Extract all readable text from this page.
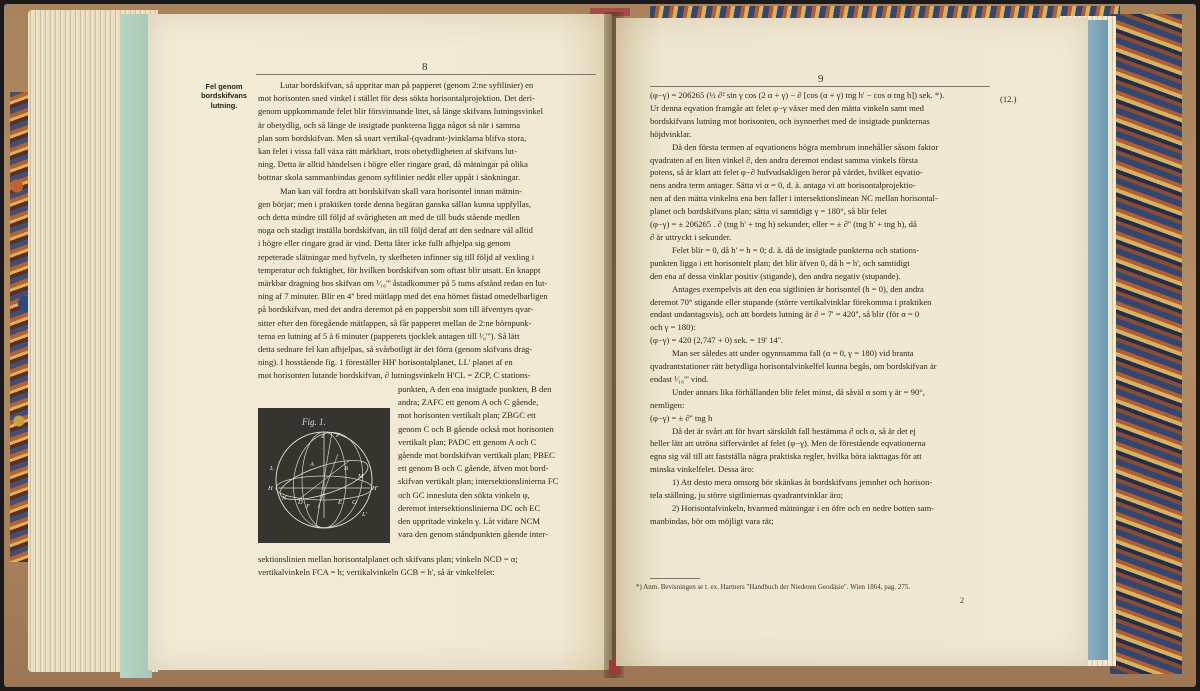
8
Fel genom
bordskifvans
lutning.
Lutar bordskifvan, så uppritar man på papperet (genom 2:ne syftlinier) en
mot horisonten sned vinkel i stället för dess sökta horisontalprojektion. Det deri-
genom uppkommande felet blir försvinnande litet, så länge skifvans lutningsvinkel
är obetydlig, och så länge de insigtade punkterna ligga något så när i samma
plan som bordskifvan. Men så snart vertikal-(qvadrant-)vinklarna blifva stora,
kan felet i vissa fall växa rätt märkbart, trots obetydligheten af skifvans lut-
ning. Detta är alltid händelsen i högre eller ringare grad, då mätningar på olika
bottnar skola sammanbindas genom syftlinier nedåt eller uppåt i sänkningar.
Man kan väl fordra att bordskifvan skall vara horisontel innan mätnin-
gen börjar; men i praktiken torde denna begäran ganska sällan kunna uppfyllas,
och detta mindre till följd af svårigheten att med de till buds stående medlen
noga och stadigt inställa bordskifvan, än till följd deraf att den sednare väl alltid
i högre eller ringare grad är vind. Detta låter icke fullt afhjelpa sig genom
repeterade slätningar med hyfveln, ty skefheten infinner sig till följd af vexling i
temperatur och fuktighet, för hvilken bordskifvan som oftast blir utsatt. En knappt
märkbar dragning hos skifvan om ¹⁄₁₆''' åstadkommer på 5 tums afstånd redan en lut-
ning af 7 minuter. Blir en 4'' bred mätlapp med det ena hörnet fästad omedelbarligen
på bordskifvan, med det andra deremot på en pappersbit som till äfventyrs qvar-
sitter efter den föregående mätlappen, så får papperet mellan de 2:ne hörnpunk-
terna en lutning af 5 à 6 minuter (papperets tjocklek antagen till ¹⁄₈'''). Så lätt
detta sednare fel kan afhjelpas, så svårbotligt är det förra (genom skifvans drag-
ning). I hosstående fig. 1 föreställer HH' horisontalplanet, LL' planet af en
mot horisonten lutande bordskifvan, ∂ lutningsvinkeln H'CL = ZCP, C stations-
Fig. 1.
Z P
L
H	H'
C
A
B
F
G
D	E
M
N
L'
punkten, A den ena insigtade punkten, B den
andra; ZAFC ett genom A och C gående,
mot horisonten vertikalt plan; ZBGC ett
genom C och B gående också mot horisonten
vertikalt plan; PADC ett genom A och C
gående mot bordskifvan vertikalt plan; PBEC
ett genom B och C gående, äfven mot bord-
skifvan vertikalt plan; intersektionslinierna FC
och GC innesluta den sökta vinkeln φ,
deremot intersektionslinierna DC och EC
den uppritade vinkeln γ. Låt vidare NCM
vara den genom ståndpunkten gående inter-
sektionslinien mellan horisontalplanet och skifvans plan; vinkeln NCD = α;
vertikalvinkeln FCA = h; vertikalvinkeln GCB = h', så är vinkelfelet:
9
(12.)
(φ−γ) = 206265 (½ ∂² sin γ cos (2 α + γ) − ∂ [cos (α + γ) tng h' − cos α tng h]) sek. *).
Ur denna eqvation framgår att felet φ−γ växer med den mätta vinkeln samt med
bordskifvans lutning mot horisonten, och isynnerhet med de insigtade punkternas
höjdvinklar.
Då den första termen af eqvationens högra membrum innehåller såsom faktor
qvadraten af en liten vinkel ∂, den andra deremot endast samma vinkels första
potens, så är klart att felet φ−∂ hufvudsakligen beror på värdet, hvilket eqvatio-
nens andra term antager. Sätta vi α = 0, d. ä. antaga vi att horisontalprojektio-
nen af den mätta vinkelns ena ben faller i intersektionslinean NC mellan horisontal-
planet och bordskifvans plan; sätta vi samtidigt γ = 180°, så blir felet
(φ−γ) = ± 206265 . ∂ (tng h' + tng h) sekunder, eller = ± ∂'' (tng h' + tng h), då
∂ är uttryckt i sekunder.
Felet blir = 0, då h' = h = 0; d. ä. då de insigtade punkterna och stations-
punkten ligga i ett horisontelt plan; det blir äfven 0, då h = h', och samtidigt
den ena af dessa vinklar positiv (stigande), den andra negativ (stupande).
Antages exempelvis att den ena sigtlinien är horisontel (h = 0), den andra
deremot 70° stigande eller stupande (större vertikalvinklar förekomma i praktiken
endast undantagsvis), och att bordets lutning är ∂ = 7' = 420'', så blir (för α = 0
och γ = 180):
(φ−γ) = 420 (2,747 + 0) sek. = 19' 14''.
Man ser således att under ogynnsamma fall (α = 0, γ = 180) vid branta
qvadrantstationer rätt betydliga horisontalvinkelfel kunna begås, om bordskifvan är
endast ¹⁄₁₆''' vind.
Under annars lika förhållanden blir felet minst, då såväl α som γ är = 90°,
nemligen:
(φ−γ) = ± ∂'' tng h
Då det är svårt att för hvart särskildt fall bestämma ∂ och α, så är det ej
heller lätt att utröna siffervärdet af felet (φ−γ). Men de förestående eqvationerna
egna sig väl till att fastställa några praktiska regler, hvilka böra iakttagas för att
minska vinkelfelet. Dessa äro:
1) Att desto mera omsorg bör skänkas åt bordskifvans jemnhet och horison-
tela ställning, ju större sigtliniernas qvadrantvinklar äro;
2) Horisontalvinkeln, hvarmed mätningar i en öfre och en nedre botten sam-
manbindas, bör om möjligt vara rät;
*) Anm. Bevisningen se t. ex. Hartners "Handbuch der Niederen Geodäsie". Wien 1864, pag. 275.
2
